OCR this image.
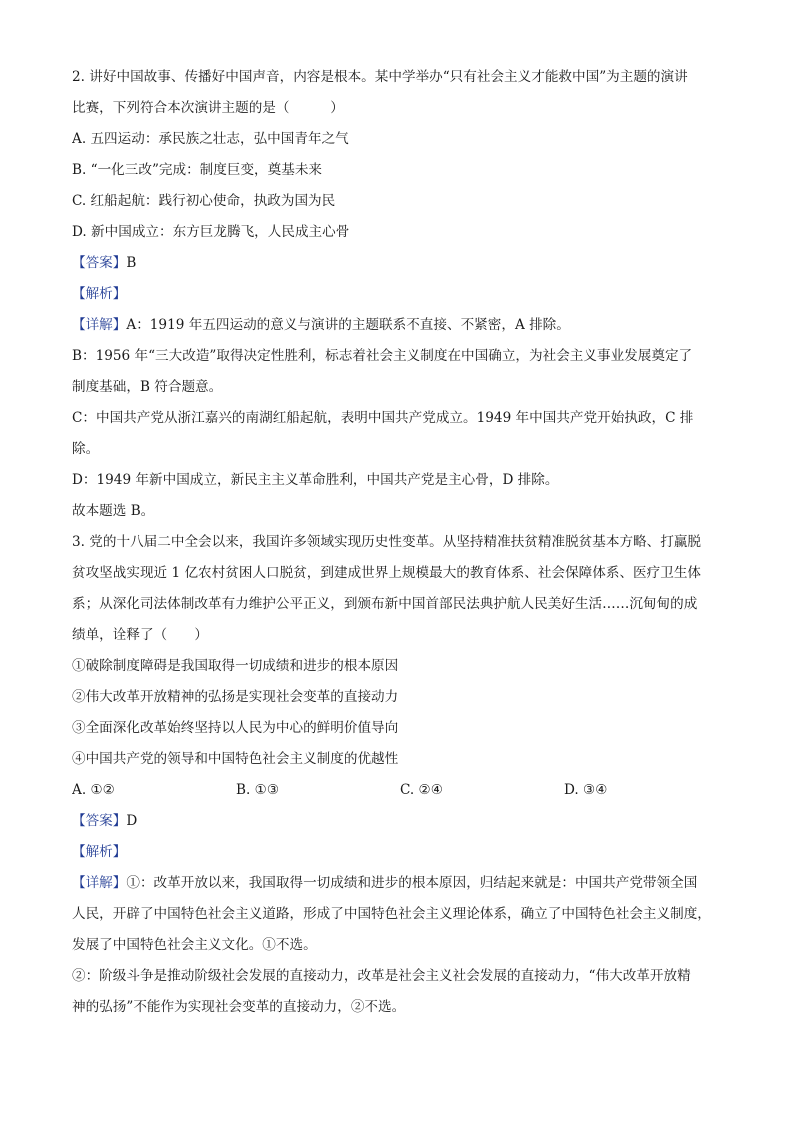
2. 讲好中国故事、传播好中国声音，内容是根本。某中学举办“只有社会主义才能救中国”为主题的演讲
比赛，下列符合本次演讲主题的是（　　　）
A. 五四运动：承民族之壮志，弘中国青年之气
B. “一化三改”完成：制度巨变，奠基未来
C. 红船起航：践行初心使命，执政为国为民
D. 新中国成立：东方巨龙腾飞，人民成主心骨
【答案】B
【解析】
【详解】A：1919 年五四运动的意义与演讲的主题联系不直接、不紧密，A 排除。
B：1956 年“三大改造”取得决定性胜利，标志着社会主义制度在中国确立，为社会主义事业发展奠定了
制度基础，B 符合题意。
C：中国共产党从浙江嘉兴的南湖红船起航，表明中国共产党成立。1949 年中国共产党开始执政，C 排
除。
D：1949 年新中国成立，新民主主义革命胜利，中国共产党是主心骨，D 排除。
故本题选 B。
3. 党的十八届二中全会以来，我国许多领域实现历史性变革。从坚持精准扶贫精准脱贫基本方略、打赢脱
贫攻坚战实现近 1 亿农村贫困人口脱贫，到建成世界上规模最大的教育体系、社会保障体系、医疗卫生体
系；从深化司法体制改革有力维护公平正义，到颁布新中国首部民法典护航人民美好生活……沉甸甸的成
绩单，诠释了（　　）
①破除制度障碍是我国取得一切成绩和进步的根本原因
②伟大改革开放精神的弘扬是实现社会变革的直接动力
③全面深化改革始终坚持以人民为中心的鲜明价值导向
④中国共产党的领导和中国特色社会主义制度的优越性
A. ①②	B. ①③	C. ②④	D. ③④
【答案】D
【解析】
【详解】①：改革开放以来，我国取得一切成绩和进步的根本原因，归结起来就是：中国共产党带领全国
人民，开辟了中国特色社会主义道路，形成了中国特色社会主义理论体系，确立了中国特色社会主义制度，
发展了中国特色社会主义文化。①不选。
②：阶级斗争是推动阶级社会发展的直接动力，改革是社会主义社会发展的直接动力，“伟大改革开放精
神的弘扬”不能作为实现社会变革的直接动力，②不选。
